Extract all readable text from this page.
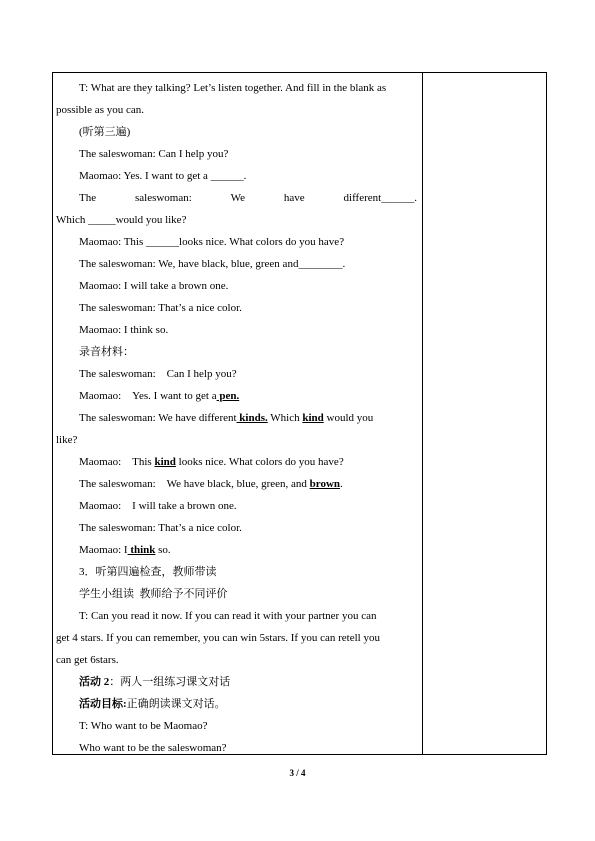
T: What are they talking? Let’s listen together. And fill in the blank as
possible as you can.
(听第三遍)
The saleswoman: Can I help you?
Maomao: Yes. I want to get a ______.
The	saleswoman:	We	have	different______.
Which _____would you like?
Maomao: This ______looks nice. What colors do you have?
The saleswoman: We, have black, blue, green and________.
Maomao: I will take a brown one.
The saleswoman: That’s a nice color.
Maomao: I think so.
录音材料：
The saleswoman:    Can I help you?
Maomao:    Yes. I want to get a pen.
The saleswoman: We have different kinds. Which kind would you
like?
Maomao:    This kind looks nice. What colors do you have?
The saleswoman:    We have black, blue, green, and brown.
Maomao:    I will take a brown one.
The saleswoman: That’s a nice color.
Maomao: I think so.
3．听第四遍检查，教师带读
学生小组读  教师给予不同评价
T: Can you read it now. If you can read it with your partner you can
get 4 stars. If you can remember, you can win 5stars. If you can retell you
can get 6stars.
活动 2：两人一组练习课文对话
活动目标:正确朗读课文对话。
T: Who want to be Maomao?
Who want to be the saleswoman?
3 / 4
